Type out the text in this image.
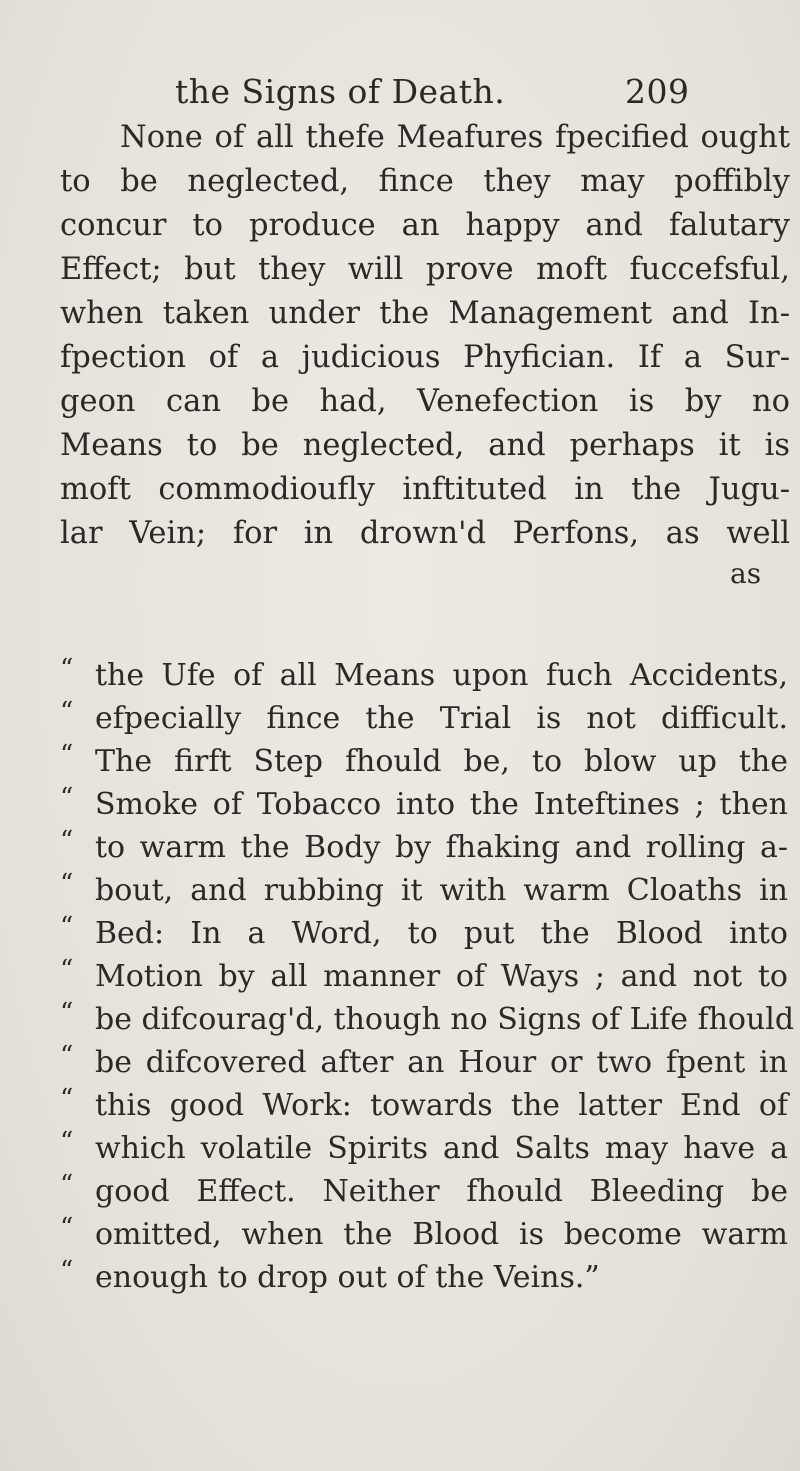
the Signs of Death.	209
None of all thefe Meafures fpecified ought
to be neglected, fince they may poffibly
concur to produce an happy and falutary
Effect; but they will prove moft fuccefsful,
when taken under the Management and In-
fpection of a judicious Phyfician. If a Sur-
geon can be had, Venefection is by no
Means to be neglected, and perhaps it is
moft commodioufly inftituted in the Jugu-
lar Vein; for in drown'd Perfons, as well
as
“ the Ufe of all Means upon fuch Accidents,
“ efpecially fince the Trial is not difficult.
“ The firft Step fhould be, to blow up the
“ Smoke of Tobacco into the Inteftines ; then
“ to warm the Body by fhaking and rolling a-
“ bout, and rubbing it with warm Cloaths in
“ Bed: In a Word, to put the Blood into
“ Motion by all manner of Ways ; and not to
“ be difcourag'd, though no Signs of Life fhould
“ be difcovered after an Hour or two fpent in
“ this good Work: towards the latter End of
“ which volatile Spirits and Salts may have a
“ good Effect. Neither fhould Bleeding be
“ omitted, when the Blood is become warm
“ enough to drop out of the Veins.”
